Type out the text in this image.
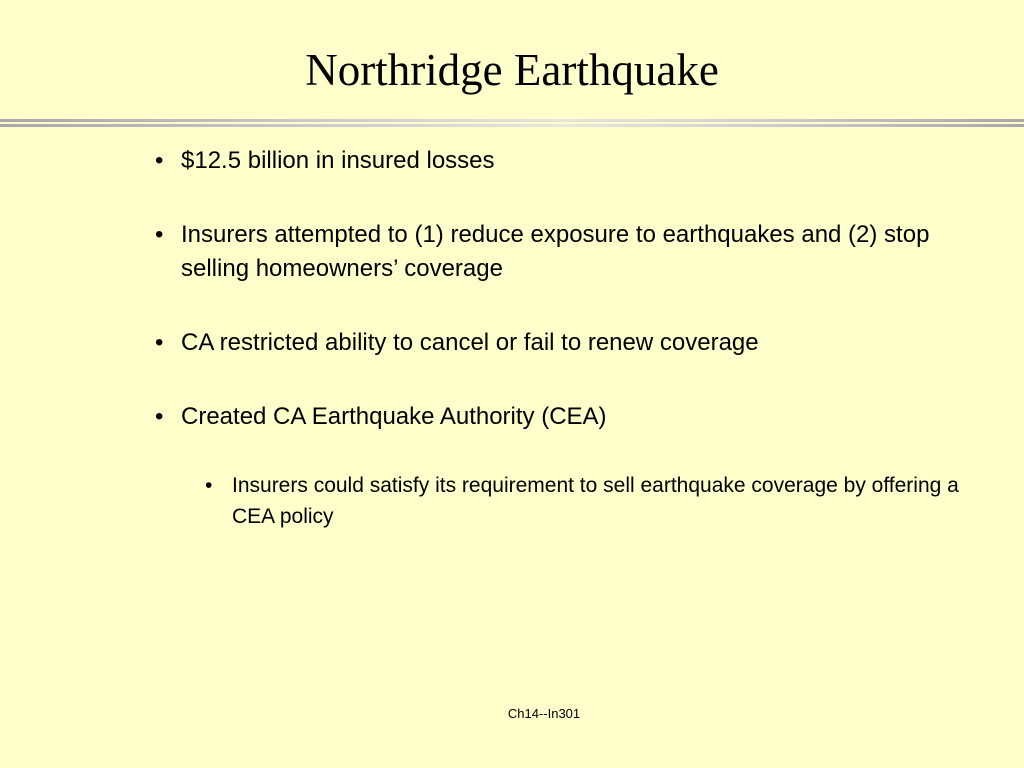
Northridge Earthquake
• $12.5 billion in insured losses
• Insurers attempted to (1) reduce exposure to earthquakes and (2) stop selling homeowners’ coverage
• CA restricted ability to cancel or fail to renew coverage
• Created CA Earthquake Authority (CEA)
• Insurers could satisfy its requirement to sell earthquake coverage by offering a CEA policy
Ch14--In301
